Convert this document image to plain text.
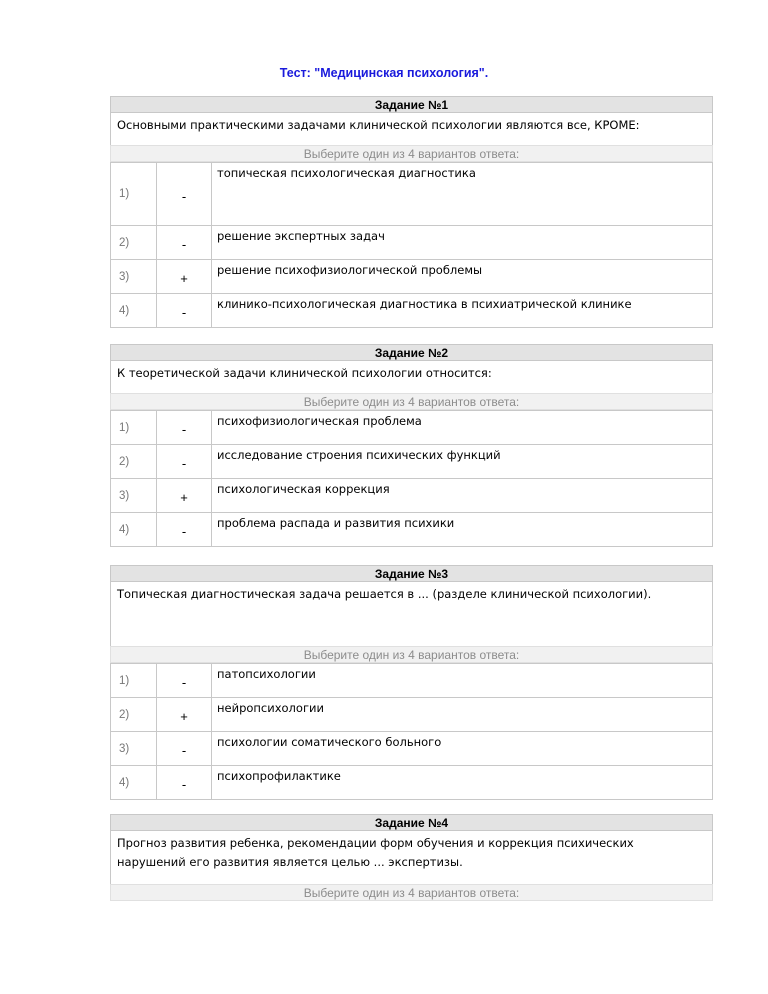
Тест: "Медицинская психология".
Задание №1
Основными практическими задачами клинической психологии являются все, КРОМЕ:
Выберите один из 4 вариантов ответа:
1)	-	топическая психологическая диагностика
2)	-	решение экспертных задач
3)	+	решение психофизиологической проблемы
4)	-	клинико-психологическая диагностика в психиатрической клинике
Задание №2
К теоретической задачи клинической психологии относится:
Выберите один из 4 вариантов ответа:
1)	-	психофизиологическая проблема
2)	-	исследование строения психических функций
3)	+	психологическая коррекция
4)	-	проблема распада и развития психики
Задание №3
Топическая диагностическая задача решается в ... (разделе клинической психологии).
Выберите один из 4 вариантов ответа:
1)	-	патопсихологии
2)	+	нейропсихологии
3)	-	психологии соматического больного
4)	-	психопрофилактике
Задание №4
Прогноз развития ребенка, рекомендации форм обучения и коррекция психических нарушений его развития является целью ... экспертизы.
Выберите один из 4 вариантов ответа:
